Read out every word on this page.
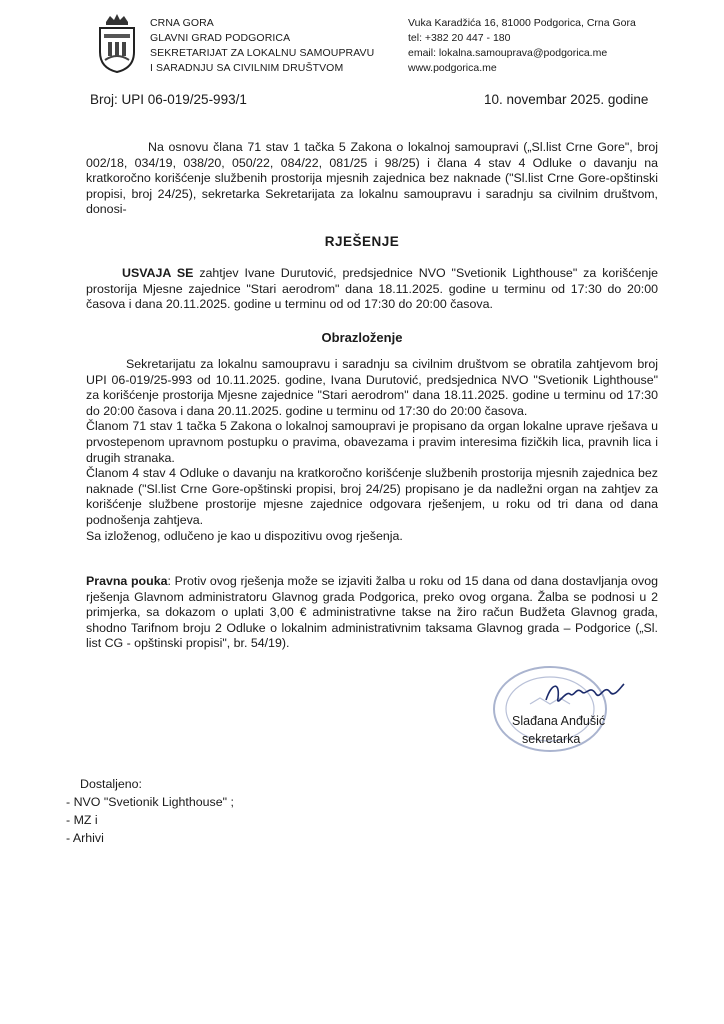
CRNA GORA
GLAVNI GRAD PODGORICA
SEKRETARIJAT ZA LOKALNU SAMOUPRAVU
I SARADNJU SA CIVILNIM DRUŠTVOM
Vuka Karadžića 16, 81000 Podgorica, Crna Gora
tel: +382 20 447 - 180
email: lokalna.samouprava@podgorica.me
www.podgorica.me
Broj: UPI 06-019/25-993/1	10. novembar 2025. godine
Na osnovu člana 71 stav 1 tačka 5 Zakona o lokalnoj samoupravi („Sl.list Crne Gore", broj 002/18, 034/19, 038/20, 050/22, 084/22, 081/25 i 98/25) i člana 4 stav 4 Odluke o davanju na kratkoročno korišćenje službenih prostorija mjesnih zajednica bez naknade ("Sl.list Crne Gore-opštinski propisi, broj 24/25), sekretarka Sekretarijata za lokalnu samoupravu i saradnju sa civilnim društvom, donosi-
RJEŠENJE
USVAJA SE zahtjev Ivane Durutović, predsjednice NVO "Svetionik Lighthouse" za korišćenje prostorija Mjesne zajednice "Stari aerodrom" dana 18.11.2025. godine u terminu od 17:30 do 20:00 časova i dana 20.11.2025. godine u terminu od od 17:30 do 20:00 časova.
Obrazloženje

Sekretarijatu za lokalnu samoupravu i saradnju sa civilnim društvom se obratila zahtjevom broj UPI 06-019/25-993 od 10.11.2025. godine, Ivana Durutović, predsjednica NVO "Svetionik Lighthouse" za korišćenje prostorija Mjesne zajednice "Stari aerodrom" dana 18.11.2025. godine u terminu od 17:30 do 20:00 časova i dana 20.11.2025. godine u terminu od 17:30 do 20:00 časova.

Članom 71 stav 1 tačka 5 Zakona o lokalnoj samoupravi je propisano da organ lokalne uprave rješava u prvostepenom upravnom postupku o pravima, obavezama i pravim interesima fizičkih lica, pravnih lica i drugih stranaka.

Članom 4 stav 4 Odluke o davanju na kratkoročno korišćenje službenih prostorija mjesnih zajednica bez naknade ("Sl.list Crne Gore-opštinski propisi, broj 24/25) propisano je da nadležni organ na zahtjev za korišćenje službene prostorije mjesne zajednice odgovara rješenjem, u roku od tri dana od dana podnošenja zahtjeva.

Sa izloženog, odlučeno je kao u dispozitivu ovog rješenja.

Pravna pouka: Protiv ovog rješenja može se izjaviti žalba u roku od 15 dana od dana dostavljanja ovog rješenja Glavnom administratoru Glavnog grada Podgorica, preko ovog organa. Žalba se podnosi u 2 primjerka, sa dokazom o uplati 3,00 € administrativne takse na žiro račun Budžeta Glavnog grada, shodno Tarifnom broju 2 Odluke o lokalnim administrativnim taksama Glavnog grada – Podgorice („Sl. list CG - opštinski propisi", br. 54/19).
Slađana Anđušić
sekretarka
Dostaljeno:
- NVO "Svetionik Lighthouse" ;
- MZ i
- Arhivi
